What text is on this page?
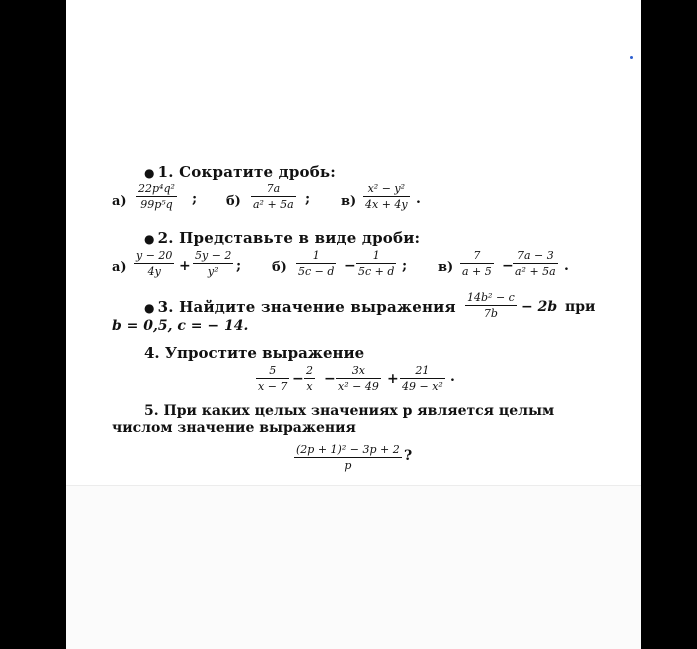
● 1. Сократите дробь:
$а) \frac{\text{22p⁴q²}}{\text{99p⁵q}}$ ; $б) \frac{7a}{\text{a² + 5a}}$ ; $в) \frac{\text{x² − y²}}{4x + 4y}$ .
● 2. Представьте в виде дроби:
$а) \frac{y - 20}{4y} + \frac{5y - 2}{\text{y²}}$ ; $б) \frac{1}{5c - d} - \frac{1}{5c + d}$ ; $в) \frac{7}{a + 5} - \frac{7a - 3}{\text{a² + 5a}}$ .
● 3. Найдите значение выражения $\frac{\text{14b² − c}}{7b} - 2b$ при
b = 0,5, c = − 14.
4. Упростите выражение
$\frac{5}{x - 7} - \frac{2}{x} - \frac{3x}{\text{x² − 49}} + \frac{21}{\text{49 − x²}}$ .
5. При каких целых значениях p является целым
числом значение выражения
$\frac{\text{(2p + 1)² − 3p + 2}}{p}$ ?
